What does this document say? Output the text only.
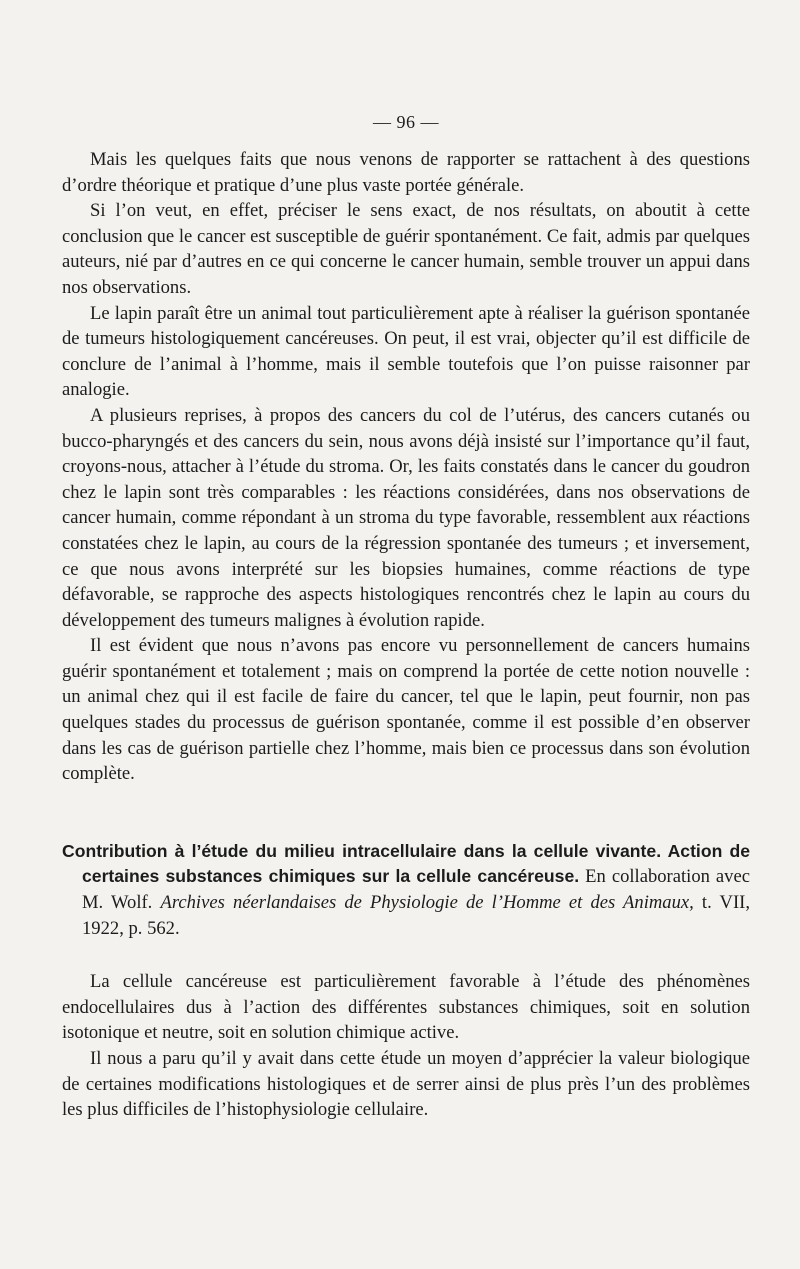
— 96 —

Mais les quelques faits que nous venons de rapporter se rattachent à des questions d’ordre théorique et pratique d’une plus vaste portée générale.

Si l’on veut, en effet, préciser le sens exact, de nos résultats, on aboutit à cette conclusion que le cancer est susceptible de guérir spontanément. Ce fait, admis par quelques auteurs, nié par d’autres en ce qui concerne le cancer humain, semble trouver un appui dans nos observations.

Le lapin paraît être un animal tout particulièrement apte à réaliser la guérison spontanée de tumeurs histologiquement cancéreuses. On peut, il est vrai, objecter qu’il est difficile de conclure de l’animal à l’homme, mais il semble toutefois que l’on puisse raisonner par analogie.

A plusieurs reprises, à propos des cancers du col de l’utérus, des cancers cutanés ou bucco-pharyngés et des cancers du sein, nous avons déjà insisté sur l’importance qu’il faut, croyons-nous, attacher à l’étude du stroma. Or, les faits constatés dans le cancer du goudron chez le lapin sont très comparables : les réactions considérées, dans nos observations de cancer humain, comme répondant à un stroma du type favorable, ressemblent aux réactions constatées chez le lapin, au cours de la régression spontanée des tumeurs ; et inversement, ce que nous avons interprété sur les biopsies humaines, comme réactions de type défavorable, se rapproche des aspects histologiques rencontrés chez le lapin au cours du développement des tumeurs malignes à évolution rapide.

Il est évident que nous n’avons pas encore vu personnellement de cancers humains guérir spontanément et totalement ; mais on comprend la portée de cette notion nouvelle : un animal chez qui il est facile de faire du cancer, tel que le lapin, peut fournir, non pas quelques stades du processus de guérison spontanée, comme il est possible d’en observer dans les cas de guérison partielle chez l’homme, mais bien ce processus dans son évolution complète.

Contribution à l’étude du milieu intracellulaire dans la cellule vivante. Action de certaines substances chimiques sur la cellule cancéreuse. En collaboration avec M. Wolf. Archives néerlandaises de Physiologie de l’Homme et des Animaux, t. VII, 1922, p. 562.

La cellule cancéreuse est particulièrement favorable à l’étude des phénomènes endocellulaires dus à l’action des différentes substances chimiques, soit en solution isotonique et neutre, soit en solution chimique active.

Il nous a paru qu’il y avait dans cette étude un moyen d’apprécier la valeur biologique de certaines modifications histologiques et de serrer ainsi de plus près l’un des problèmes les plus difficiles de l’histophysiologie cellulaire.
